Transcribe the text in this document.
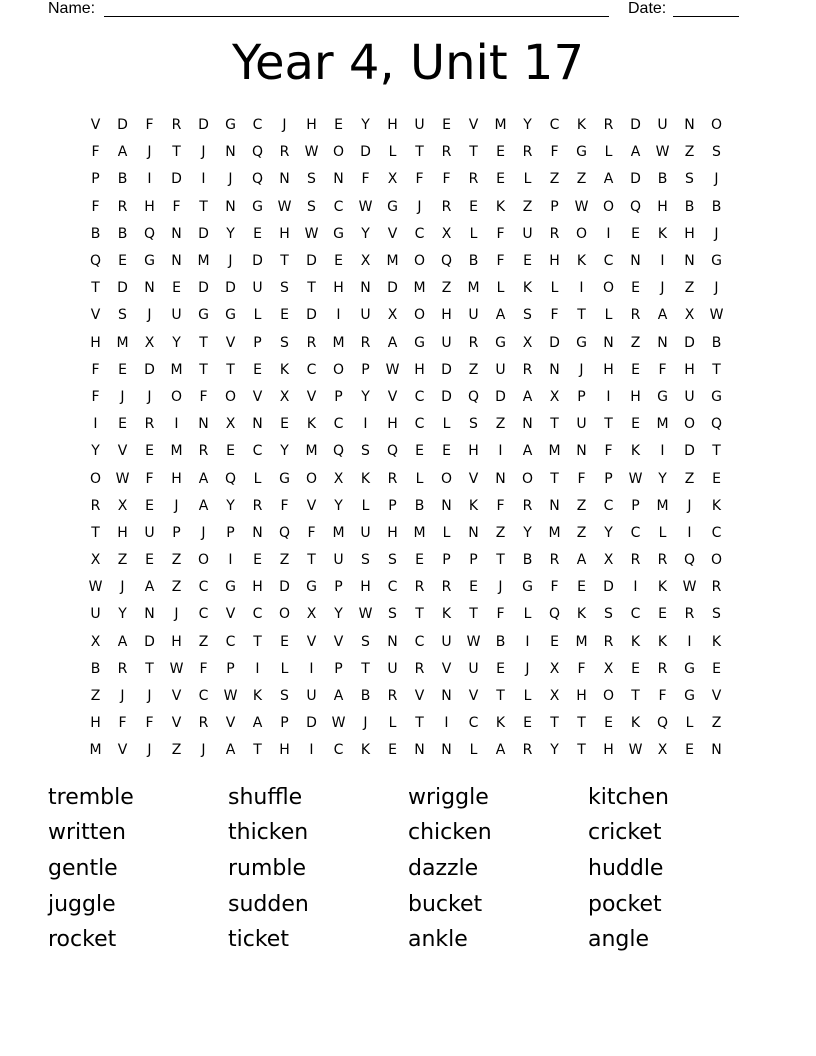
Name:	Date:
Year 4, Unit 17
V	D	F	R	D	G	C	J	H	E	Y	H	U	E	V	M	Y	C	K	R	D	U	N	O
F	A	J	T	J	N	Q	R	W	O	D	L	T	R	T	E	R	F	G	L	A	W	Z	S
P	B	I	D	I	J	Q	N	S	N	F	X	F	F	R	E	L	Z	Z	A	D	B	S	J
F	R	H	F	T	N	G	W	S	C	W	G	J	R	E	K	Z	P	W	O	Q	H	B	B
B	B	Q	N	D	Y	E	H	W	G	Y	V	C	X	L	F	U	R	O	I	E	K	H	J
Q	E	G	N	M	J	D	T	D	E	X	M	O	Q	B	F	E	H	K	C	N	I	N	G
T	D	N	E	D	D	U	S	T	H	N	D	M	Z	M	L	K	L	I	O	E	J	Z	J
V	S	J	U	G	G	L	E	D	I	U	X	O	H	U	A	S	F	T	L	R	A	X	W
H	M	X	Y	T	V	P	S	R	M	R	A	G	U	R	G	X	D	G	N	Z	N	D	B
F	E	D	M	T	T	E	K	C	O	P	W	H	D	Z	U	R	N	J	H	E	F	H	T
F	J	J	O	F	O	V	X	V	P	Y	V	C	D	Q	D	A	X	P	I	H	G	U	G
I	E	R	I	N	X	N	E	K	C	I	H	C	L	S	Z	N	T	U	T	E	M	O	Q
Y	V	E	M	R	E	C	Y	M	Q	S	Q	E	E	H	I	A	M	N	F	K	I	D	T
O	W	F	H	A	Q	L	G	O	X	K	R	L	O	V	N	O	T	F	P	W	Y	Z	E
R	X	E	J	A	Y	R	F	V	Y	L	P	B	N	K	F	R	N	Z	C	P	M	J	K
T	H	U	P	J	P	N	Q	F	M	U	H	M	L	N	Z	Y	M	Z	Y	C	L	I	C
X	Z	E	Z	O	I	E	Z	T	U	S	S	E	P	P	T	B	R	A	X	R	R	Q	O
W	J	A	Z	C	G	H	D	G	P	H	C	R	R	E	J	G	F	E	D	I	K	W	R
U	Y	N	J	C	V	C	O	X	Y	W	S	T	K	T	F	L	Q	K	S	C	E	R	S
X	A	D	H	Z	C	T	E	V	V	S	N	C	U	W	B	I	E	M	R	K	K	I	K
B	R	T	W	F	P	I	L	I	P	T	U	R	V	U	E	J	X	F	X	E	R	G	E
Z	J	J	V	C	W	K	S	U	A	B	R	V	N	V	T	L	X	H	O	T	F	G	V
H	F	F	V	R	V	A	P	D	W	J	L	T	I	C	K	E	T	T	E	K	Q	L	Z
M	V	J	Z	J	A	T	H	I	C	K	E	N	N	L	A	R	Y	T	H	W	X	E	N
tremble	shuffle	wriggle	kitchen
written	thicken	chicken	cricket
gentle	rumble	dazzle	huddle
juggle	sudden	bucket	pocket
rocket	ticket	ankle	angle
